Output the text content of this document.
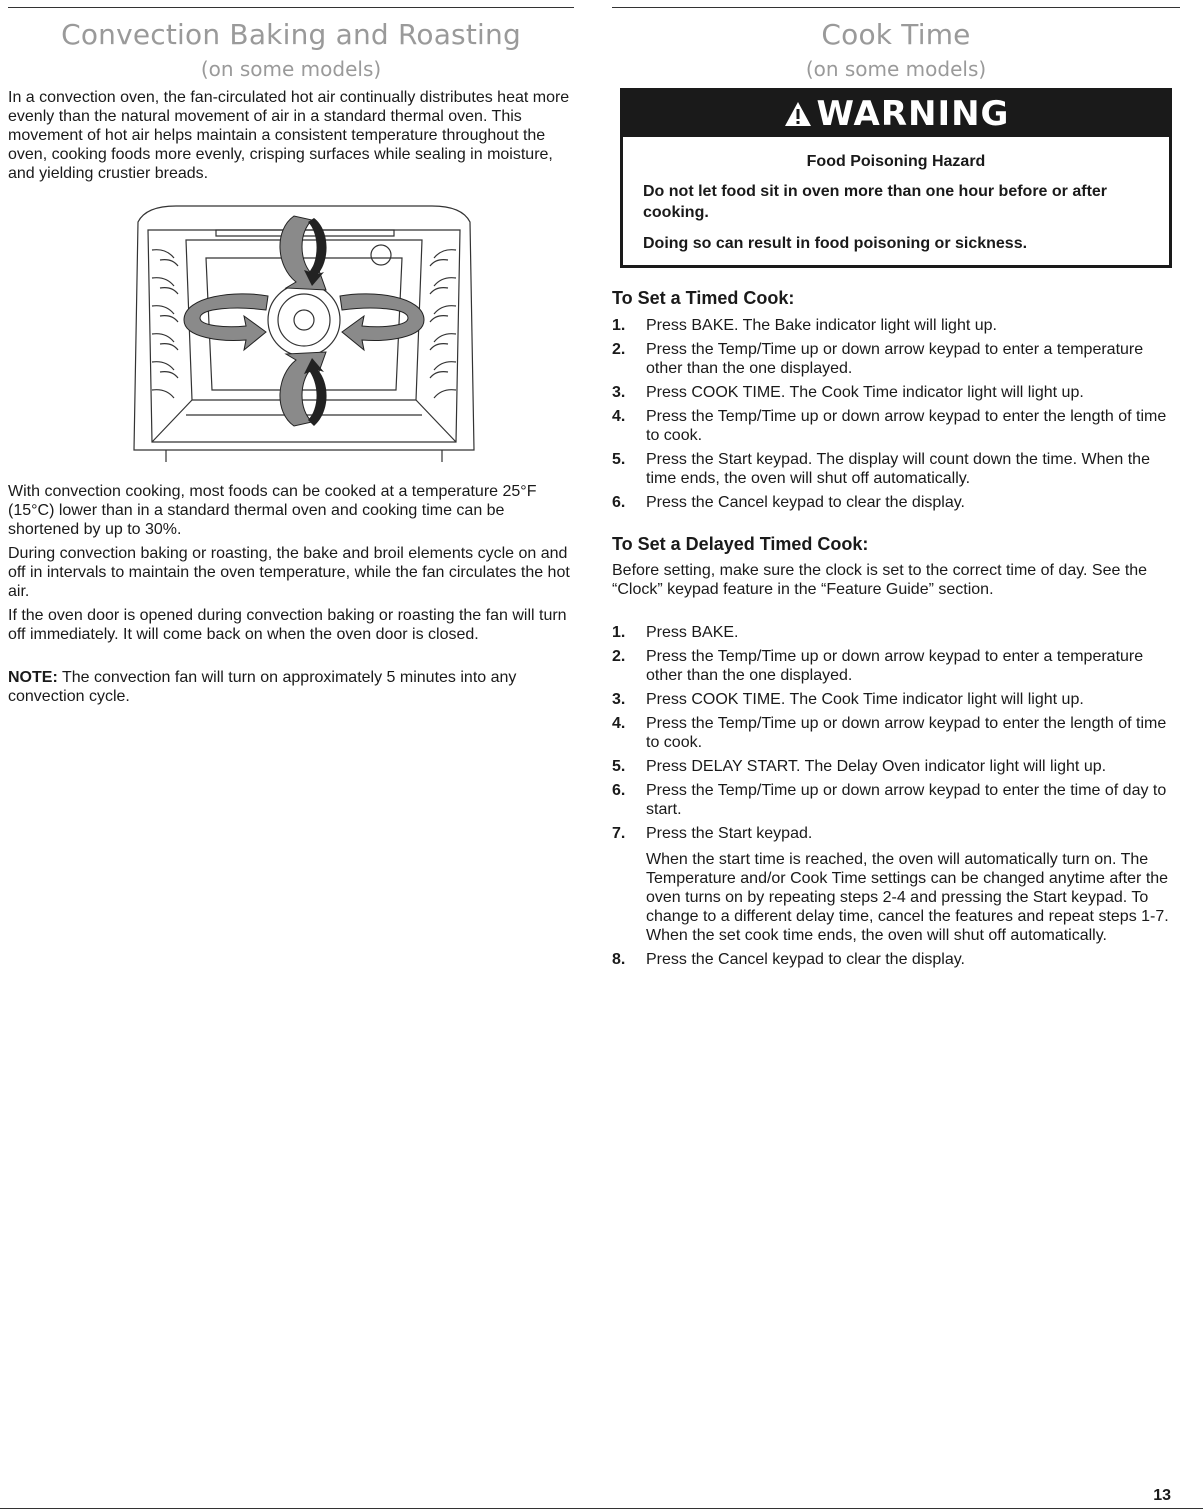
Convection Baking and Roasting
(on some models)

In a convection oven, the fan-circulated hot air continually distributes heat more evenly than the natural movement of air in a standard thermal oven. This movement of hot air helps maintain a consistent temperature throughout the oven, cooking foods more evenly, crisping surfaces while sealing in moisture, and yielding crustier breads.

With convection cooking, most foods can be cooked at a temperature 25°F (15°C) lower than in a standard thermal oven and cooking time can be shortened by up to 30%.

During convection baking or roasting, the bake and broil elements cycle on and off in intervals to maintain the oven temperature, while the fan circulates the hot air.

If the oven door is opened during convection baking or roasting the fan will turn off immediately. It will come back on when the oven door is closed.

NOTE: The convection fan will turn on approximately 5 minutes into any convection cycle.

Cook Time
(on some models)
WARNING
Food Poisoning Hazard
Do not let food sit in oven more than one hour before or after cooking.
Doing so can result in food poisoning or sickness.
To Set a Timed Cook:
1. Press BAKE. The Bake indicator light will light up.
2. Press the Temp/Time up or down arrow keypad to enter a temperature other than the one displayed.
3. Press COOK TIME. The Cook Time indicator light will light up.
4. Press the Temp/Time up or down arrow keypad to enter the length of time to cook.
5. Press the Start keypad. The display will count down the time. When the time ends, the oven will shut off automatically.
6. Press the Cancel keypad to clear the display.
To Set a Delayed Timed Cook:

Before setting, make sure the clock is set to the correct time of day. See the “Clock” keypad feature in the “Feature Guide” section.

1. Press BAKE.
2. Press the Temp/Time up or down arrow keypad to enter a temperature other than the one displayed.
3. Press COOK TIME. The Cook Time indicator light will light up.
4. Press the Temp/Time up or down arrow keypad to enter the length of time to cook.
5. Press DELAY START. The Delay Oven indicator light will light up.
6. Press the Temp/Time up or down arrow keypad to enter the time of day to start.
7. Press the Start keypad.
When the start time is reached, the oven will automatically turn on. The Temperature and/or Cook Time settings can be changed anytime after the oven turns on by repeating steps 2-4 and pressing the Start keypad. To change to a different delay time, cancel the features and repeat steps 1-7. When the set cook time ends, the oven will shut off automatically.
8. Press the Cancel keypad to clear the display.
13
